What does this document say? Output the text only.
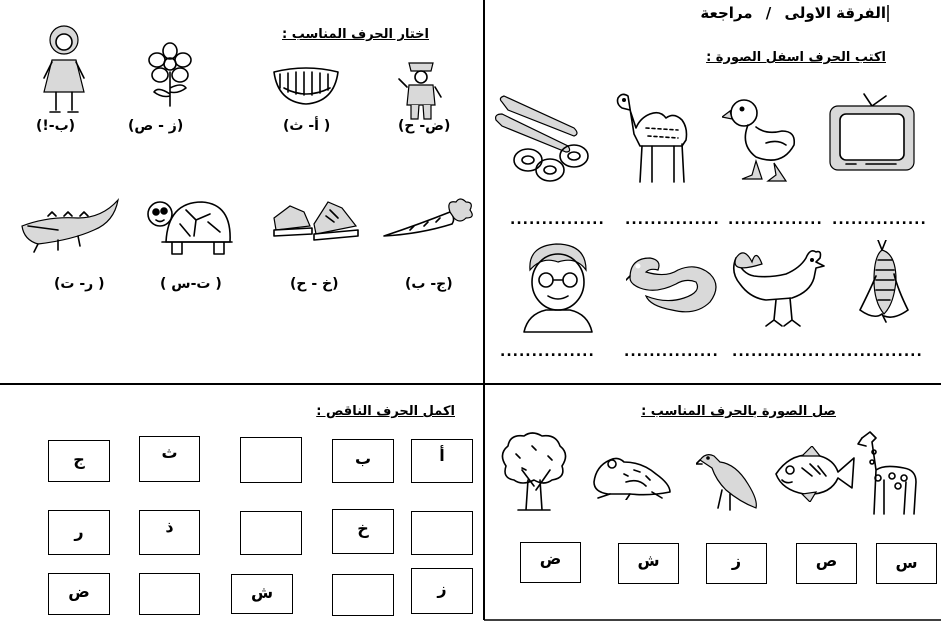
الفرقة الاولى / مراجعة
اختار الحرف المناسب :
(ض- ح)
( أ- ث)
(ز - ص)
(ب-!)
(ج- ب)
(خ - ح)
( ت-س )
( ر- ت)
اكتب الحرف اسفل الصورة :
...............
...............
...............
...............
...............
...............
...............
...............
اكمل الحرف الناقص :
أ
ب
ث
ج
خ
ذ
ر
ز
ش
ض
صل الصورة بالحرف المناسب :
س
ص
ز
ش
ض
